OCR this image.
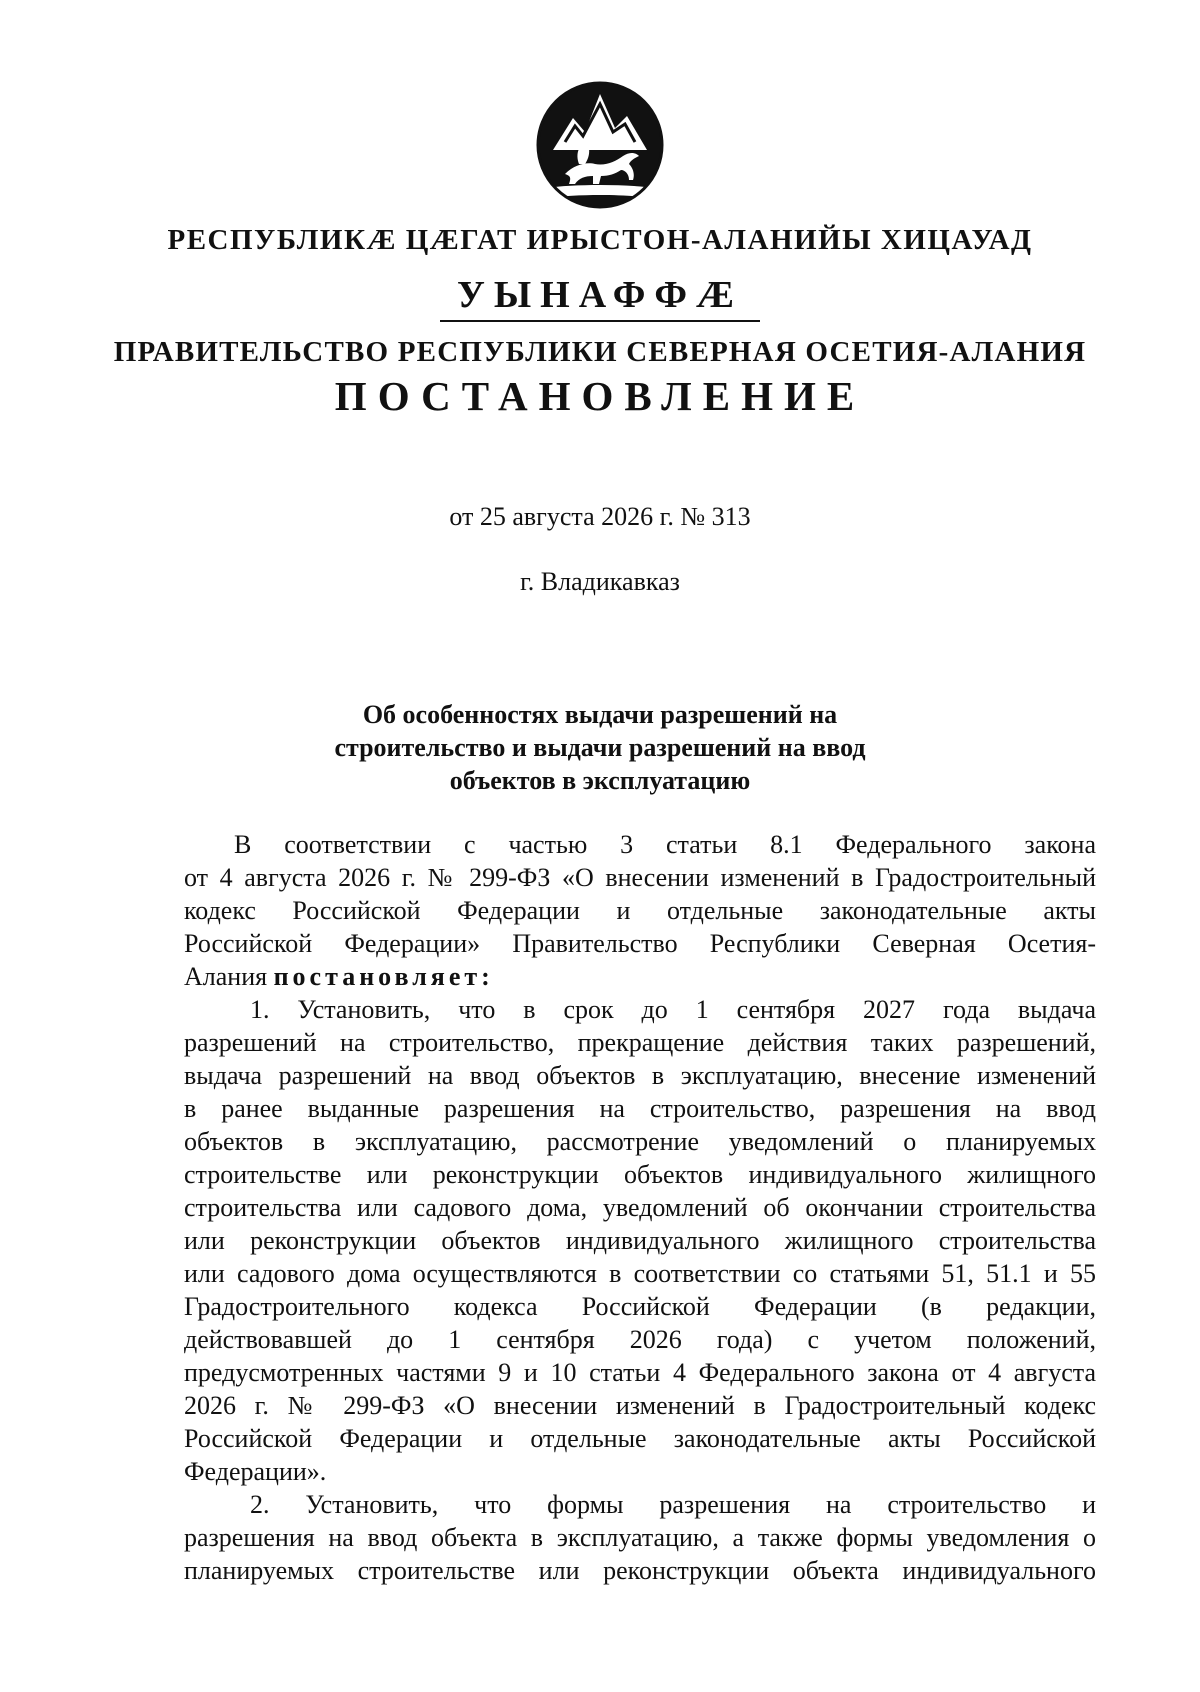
РЕСПУБЛИКӔ ЦӔГАТ ИРЫСТОН-АЛАНИЙЫ ХИЦАУАД
УЫНАФФӔ
ПРАВИТЕЛЬСТВО РЕСПУБЛИКИ СЕВЕРНАЯ ОСЕТИЯ-АЛАНИЯ
ПОСТАНОВЛЕНИЕ
от 25 августа 2026 г. № 313
г. Владикавказ
Об особенностях выдачи разрешений на
строительство и выдачи разрешений на ввод
объектов в эксплуатацию
В соответствии с частью 3 статьи 8.1 Федерального закона
от 4 августа 2026 г. № 299-ФЗ «О внесении изменений в Градостроительный
кодекс Российской Федерации и отдельные законодательные акты
Российской Федерации» Правительство Республики Северная Осетия-
Алания постановляет:
1. Установить, что в срок до 1 сентября 2027 года выдача
разрешений на строительство, прекращение действия таких разрешений,
выдача разрешений на ввод объектов в эксплуатацию, внесение изменений
в ранее выданные разрешения на строительство, разрешения на ввод
объектов в эксплуатацию, рассмотрение уведомлений о планируемых
строительстве или реконструкции объектов индивидуального жилищного
строительства или садового дома, уведомлений об окончании строительства
или реконструкции объектов индивидуального жилищного строительства
или садового дома осуществляются в соответствии со статьями 51, 51.1 и 55
Градостроительного кодекса Российской Федерации (в редакции,
действовавшей до 1 сентября 2026 года) с учетом положений,
предусмотренных частями 9 и 10 статьи 4 Федерального закона от 4 августа
2026 г. № 299-ФЗ «О внесении изменений в Градостроительный кодекс
Российской Федерации и отдельные законодательные акты Российской
Федерации».
2. Установить, что формы разрешения на строительство и
разрешения на ввод объекта в эксплуатацию, а также формы уведомления о
планируемых строительстве или реконструкции объекта индивидуального
